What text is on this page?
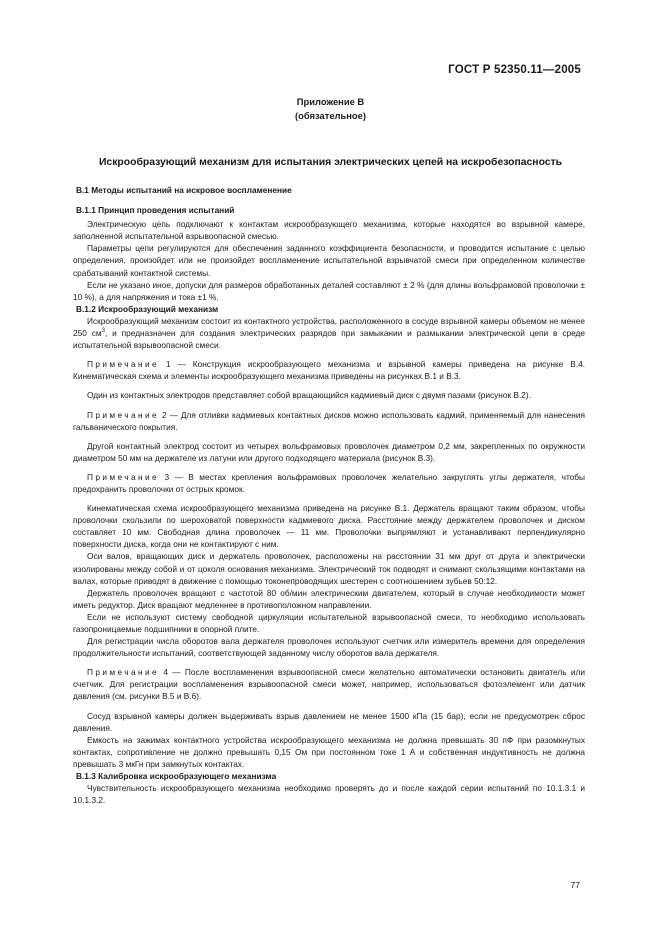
ГОСТ Р 52350.11—2005
Приложение В
(обязательное)
Искрообразующий механизм для испытания электрических цепей на искробезопасность

В.1 Методы испытаний на искровое воспламенение

В.1.1 Принцип проведения испытаний

Электрическую цепь подключают к контактам искрообразующего механизма, которые находятся во взрывной камере, заполненной испытательной взрывоопасной смесью.

Параметры цепи регулируются для обеспечения заданного коэффициента безопасности, и проводится испытание с целью определения, произойдет или не произойдет воспламенение испытательной взрывчатой смеси при определенном количестве срабатываний контактной системы.

Если не указано иное, допуски для размеров обработанных деталей составляют ± 2 % (для длины вольфрамовой проволочки ± 10 %), а для напряжения и тока ±1 %.

В.1.2 Искрообразующий механизм

Искрообразующий механизм состоит из контактного устройства, расположенного в сосуде взрывной камеры объемом не менее 250 $см^3$, и предназначен для создания электрических разрядов при замыкании и размыкании электрической цепи в среде испытательной взрывоопасной смеси.

Примечание 1 — Конструкция искрообразующего механизма и взрывной камеры приведена на рисунке В.4. Кинематическая схема и элементы искрообразующего механизма приведены на рисунках В.1 и В.3.

Один из контактных электродов представляет собой вращающийся кадмиевый диск с двумя пазами (рисунок В.2).

Примечание 2 — Для отливки кадмиевых контактных дисков можно использовать кадмий, применяемый для нанесения гальванического покрытия.

Другой контактный электрод состоит из четырех вольфрамовых проволочек диаметром 0,2 мм, закрепленных по окружности диаметром 50 мм на держателе из латуни или другого подходящего материала (рисунок В.3).

Примечание 3 — В местах крепления вольфрамовых проволочек желательно закруглять углы держателя, чтобы предохранить проволочки от острых кромок.

Кинематическая схема искрообразующего механизма приведена на рисунке В.1. Держатель вращают таким образом, чтобы проволочки скользили по шероховатой поверхности кадмиевого диска. Расстояние между держателем проволочек и диском составляет 10 мм. Свободная длина проволочек — 11 мм. Проволочки выпрямляют и устанавливают перпендикулярно поверхности диска, когда они не контактируют с ним.

Оси валов, вращающих диск и держатель проволочек, расположены на расстоянии 31 мм друг от друга и электрически изолированы между собой и от цоколя основания механизма. Электрический ток подводят и снимают скользящими контактами на валах, которые приводят в движение с помощью токонепроводящих шестерен с соотношением зубьев 50:12.

Держатель проволочек вращают с частотой 80 об/мин электрическим двигателем, который в случае необходимости может иметь редуктор. Диск вращают медленнее в противоположном направлении.

Если не используют систему свободной циркуляции испытательной взрывоопасной смеси, то необходимо использовать газопроницаемые подшипники в опорной плите.

Для регистрации числа оборотов вала держателя проволочек используют счетчик или измеритель времени для определения продолжительности испытаний, соответствующей заданному числу оборотов вала держателя.

Примечание 4 — После воспламенения взрывоопасной смеси желательно автоматически остановить двигатель или счетчик. Для регистрации воспламенения взрывоопасной смеси может, например, использоваться фотоэлемент или датчик давления (см. рисунки В.5 и В.6).

Сосуд взрывной камеры должен выдерживать взрыв давлением не менее 1500 кПа (15 бар), если не предусмотрен сброс давления.

Емкость на зажимах контактного устройства искрообразующего механизма не должна превышать 30 пФ при разомкнутых контактах, сопротивление не должно превышать 0,15 Ом при постоянном токе 1 А и собственная индуктивность не должна превышать 3 мкГн при замкнутых контактах.

В.1.3 Калибровка искрообразующего механизма

Чувствительность искрообразующего механизма необходимо проверять до и после каждой серии испытаний по 10.1.3.1 и 10.1.3.2.

77
